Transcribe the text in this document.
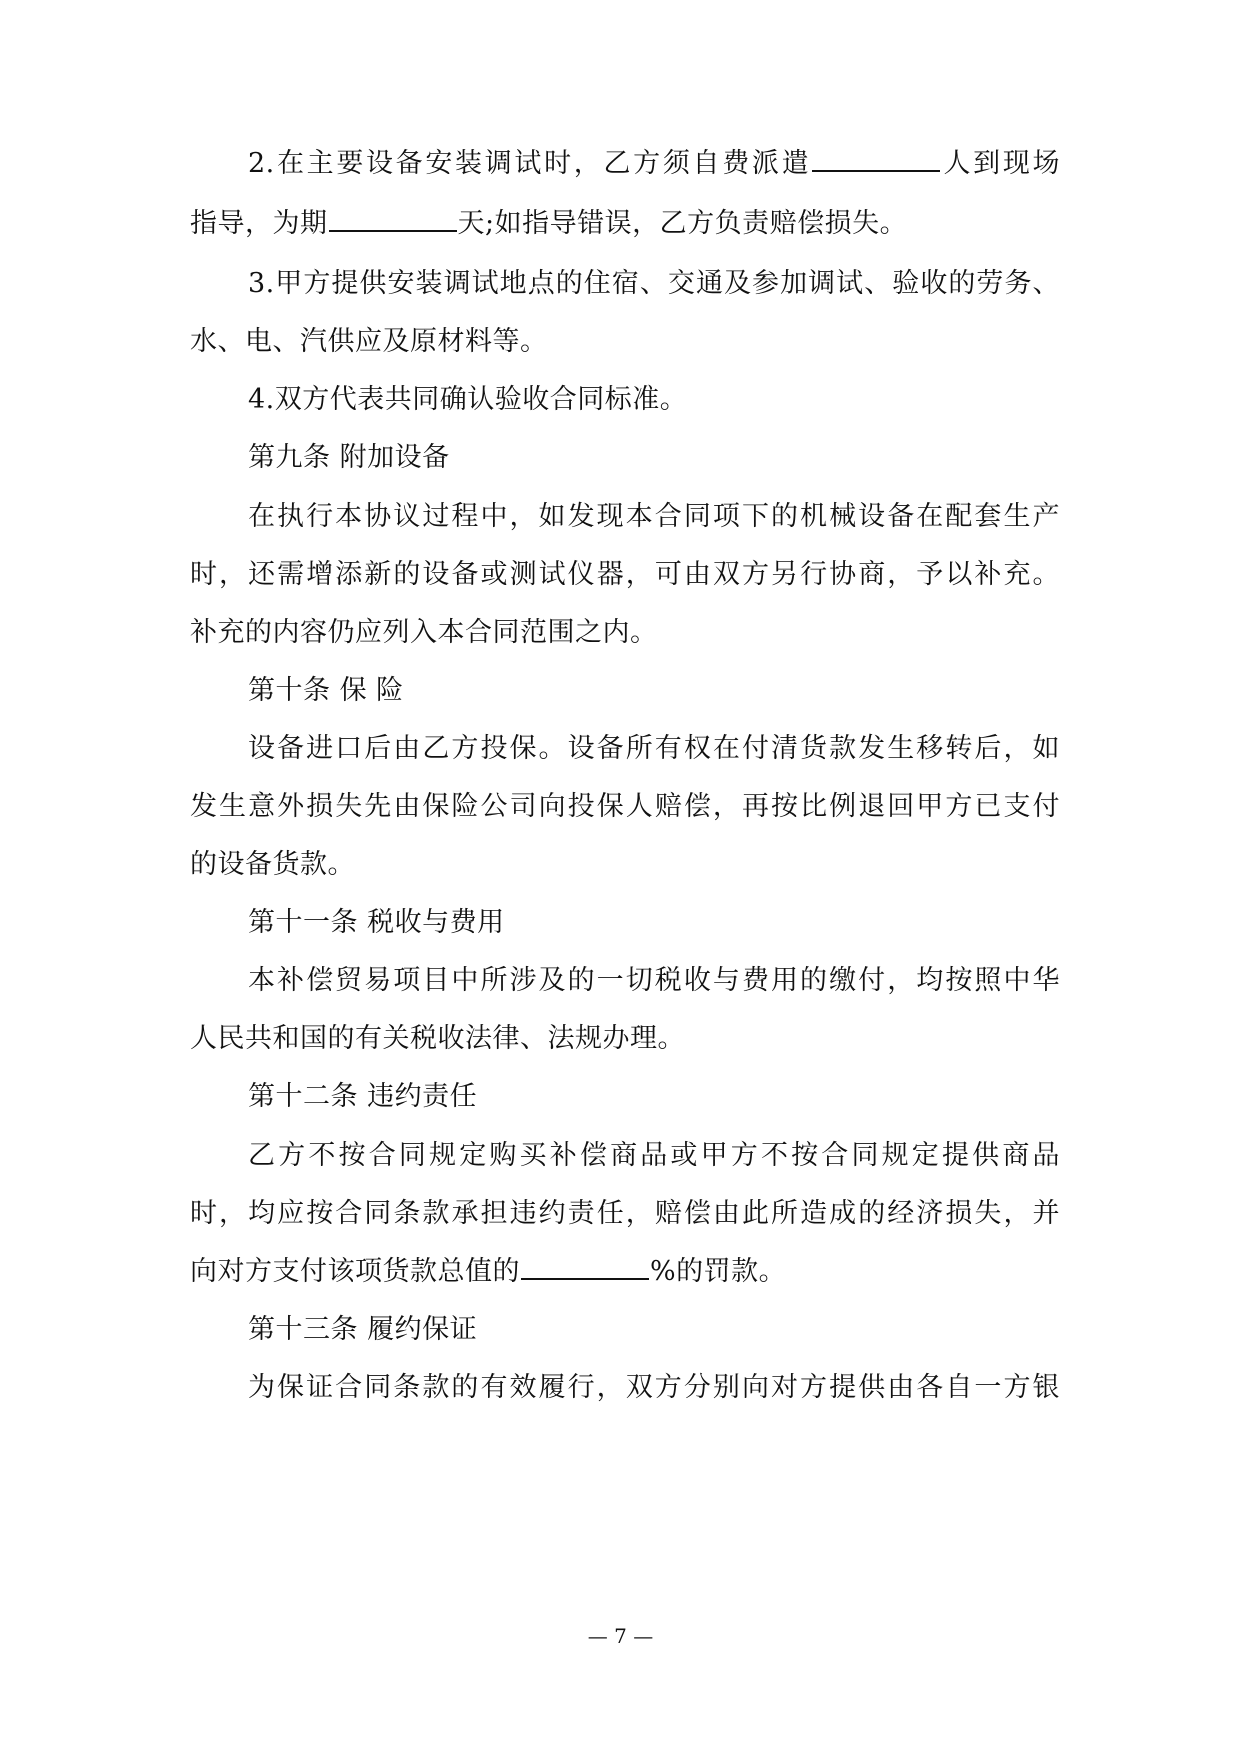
2.在主要设备安装调试时，乙方须自费派遣	人到现场
指导，为期	天;如指导错误，乙方负责赔偿损失。
3.甲方提供安装调试地点的住宿、交通及参加调试、验收的劳务、
水、电、汽供应及原材料等。
4.双方代表共同确认验收合同标准。
第九条 附加设备
在执行本协议过程中，如发现本合同项下的机械设备在配套生产
时，还需增添新的设备或测试仪器，可由双方另行协商，予以补充。
补充的内容仍应列入本合同范围之内。
第十条 保 险
设备进口后由乙方投保。设备所有权在付清货款发生移转后，如
发生意外损失先由保险公司向投保人赔偿，再按比例退回甲方已支付
的设备货款。
第十一条 税收与费用
本补偿贸易项目中所涉及的一切税收与费用的缴付，均按照中华
人民共和国的有关税收法律、法规办理。
第十二条 违约责任
乙方不按合同规定购买补偿商品或甲方不按合同规定提供商品
时，均应按合同条款承担违约责任，赔偿由此所造成的经济损失，并
向对方支付该项货款总值的	%的罚款。
第十三条 履约保证
为保证合同条款的有效履行，双方分别向对方提供由各自一方银
— 7 —
